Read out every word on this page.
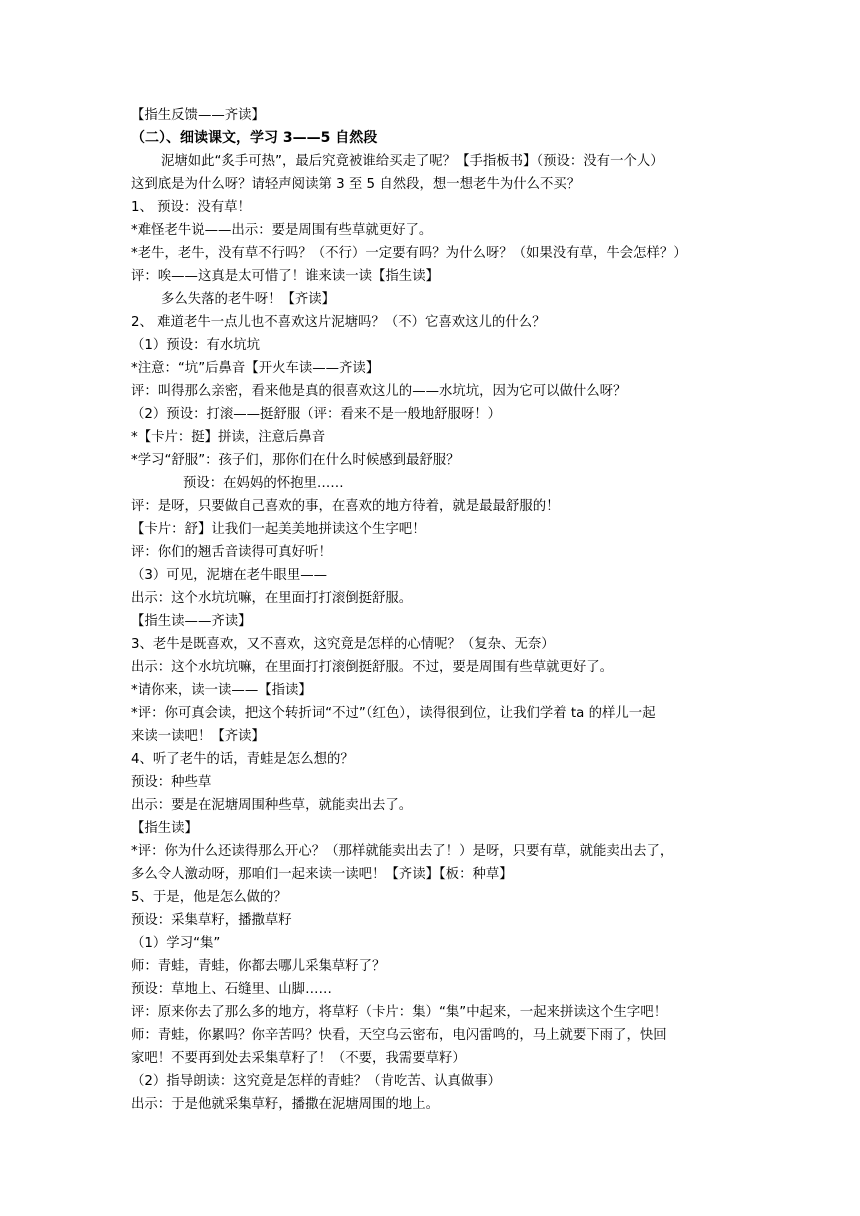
【指生反馈——齐读】
（二）、细读课文，学习 3——5 自然段
泥塘如此“炙手可热”，最后究竟被谁给买走了呢？【手指板书】（预设：没有一个人）
这到底是为什么呀？请轻声阅读第 3 至 5 自然段，想一想老牛为什么不买？
1、 预设：没有草！
*难怪老牛说——出示：要是周围有些草就更好了。
*老牛，老牛，没有草不行吗？（不行）一定要有吗？为什么呀？（如果没有草，牛会怎样？）
评：唉——这真是太可惜了！谁来读一读【指生读】
多么失落的老牛呀！【齐读】
2、 难道老牛一点儿也不喜欢这片泥塘吗？（不）它喜欢这儿的什么？
（1）预设：有水坑坑
*注意：“坑”后鼻音【开火车读——齐读】
评：叫得那么亲密，看来他是真的很喜欢这儿的——水坑坑，因为它可以做什么呀？
（2）预设：打滚——挺舒服（评：看来不是一般地舒服呀！）
*【卡片：挺】拼读，注意后鼻音
*学习“舒服”：孩子们，那你们在什么时候感到最舒服？
预设：在妈妈的怀抱里……
评：是呀，只要做自己喜欢的事，在喜欢的地方待着，就是最最舒服的！
【卡片：舒】让我们一起美美地拼读这个生字吧！
评：你们的翘舌音读得可真好听！
（3）可见，泥塘在老牛眼里——
出示：这个水坑坑嘛，在里面打打滚倒挺舒服。
【指生读——齐读】
3、老牛是既喜欢，又不喜欢，这究竟是怎样的心情呢？（复杂、无奈）
出示：这个水坑坑嘛，在里面打打滚倒挺舒服。不过，要是周围有些草就更好了。
*请你来，读一读——【指读】
*评：你可真会读，把这个转折词“不过”（红色），读得很到位，让我们学着 ta 的样儿一起
来读一读吧！【齐读】
4、听了老牛的话，青蛙是怎么想的？
预设：种些草
出示：要是在泥塘周围种些草，就能卖出去了。
【指生读】
*评：你为什么还读得那么开心？（那样就能卖出去了！）是呀，只要有草，就能卖出去了，
多么令人激动呀，那咱们一起来读一读吧！【齐读】【板：种草】
5、于是，他是怎么做的？
预设：采集草籽，播撒草籽
（1）学习“集”
师：青蛙，青蛙，你都去哪儿采集草籽了？
预设：草地上、石缝里、山脚……
评：原来你去了那么多的地方，将草籽（卡片：集）“集”中起来，一起来拼读这个生字吧！
师：青蛙，你累吗？你辛苦吗？快看，天空乌云密布，电闪雷鸣的，马上就要下雨了，快回
家吧！不要再到处去采集草籽了！（不要，我需要草籽）
（2）指导朗读：这究竟是怎样的青蛙？（肯吃苦、认真做事）
出示：于是他就采集草籽，播撒在泥塘周围的地上。
